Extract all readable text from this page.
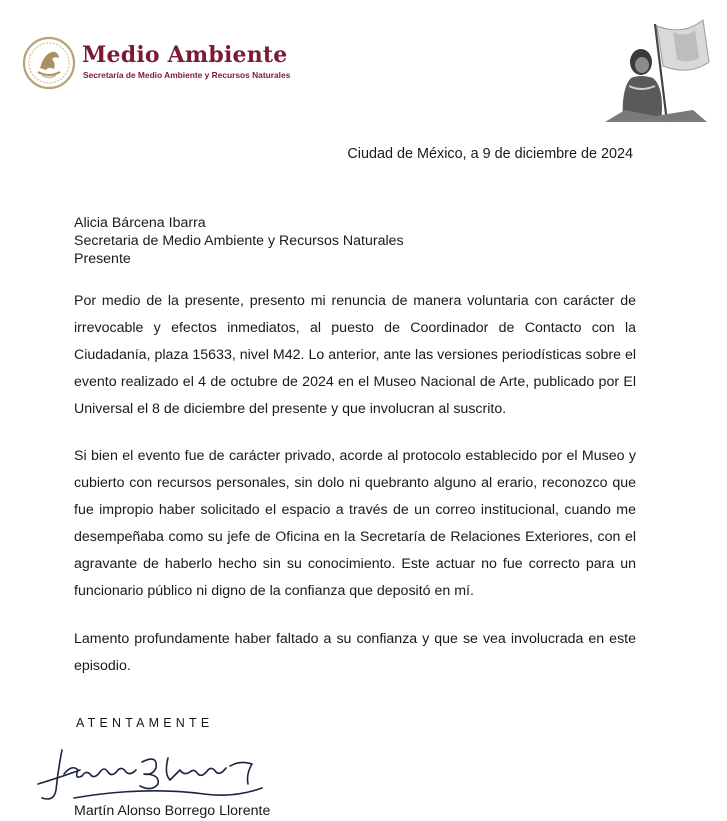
Medio Ambiente
Secretaría de Medio Ambiente y Recursos Naturales
Ciudad de México, a 9 de diciembre de 2024
Alicia Bárcena Ibarra
Secretaria de Medio Ambiente y Recursos Naturales
Presente

Por medio de la presente, presento mi renuncia de manera voluntaria con carácter de irrevocable y efectos inmediatos, al puesto de Coordinador de Contacto con la Ciudadanía, plaza 15633, nivel M42. Lo anterior, ante las versiones periodísticas sobre el evento realizado el 4 de octubre de 2024 en el Museo Nacional de Arte, publicado por El Universal el 8 de diciembre del presente y que involucran al suscrito.

Si bien el evento fue de carácter privado, acorde al protocolo establecido por el Museo y cubierto con recursos personales, sin dolo ni quebranto alguno al erario, reconozco que fue impropio haber solicitado el espacio a través de un correo institucional, cuando me desempeñaba como su jefe de Oficina en la Secretaría de Relaciones Exteriores, con el agravante de haberlo hecho sin su conocimiento. Este actuar no fue correcto para un funcionario público ni digno de la confianza que depositó en mí.

Lamento profundamente haber faltado a su confianza y que se vea involucrada en este episodio.

ATENTAMENTE
Martín Alonso Borrego Llorente
